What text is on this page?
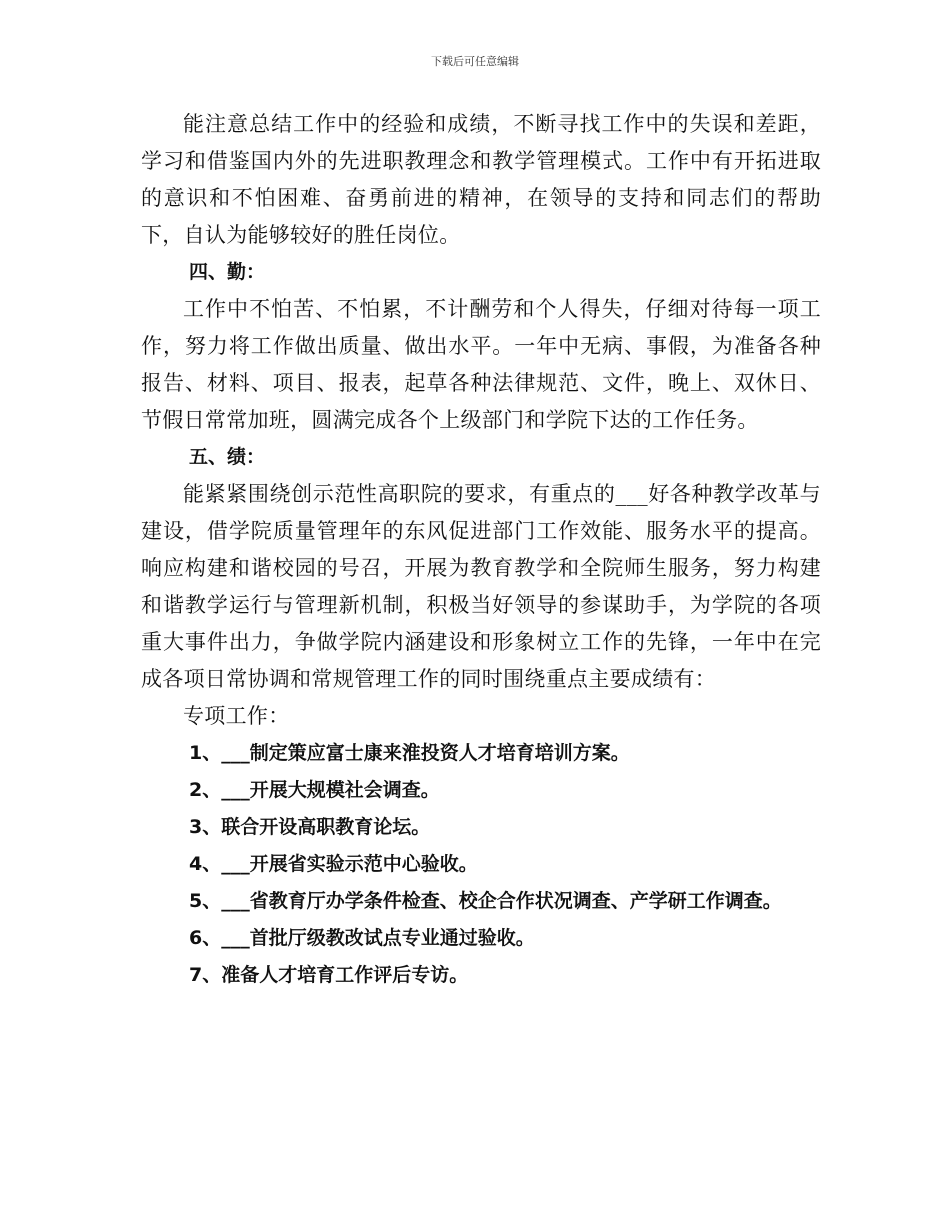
下载后可任意编辑

能注意总结工作中的经验和成绩，不断寻找工作中的失误和差距，学习和借鉴国内外的先进职教理念和教学管理模式。工作中有开拓进取的意识和不怕困难、奋勇前进的精神，在领导的支持和同志们的帮助下，自认为能够较好的胜任岗位。

四、勤：

工作中不怕苦、不怕累，不计酬劳和个人得失，仔细对待每一项工作，努力将工作做出质量、做出水平。一年中无病、事假，为准备各种报告、材料、项目、报表，起草各种法律规范、文件，晚上、双休日、节假日常常加班，圆满完成各个上级部门和学院下达的工作任务。

五、绩：

能紧紧围绕创示范性高职院的要求，有重点的___好各种教学改革与建设，借学院质量管理年的东风促进部门工作效能、服务水平的提高。响应构建和谐校园的号召，开展为教育教学和全院师生服务，努力构建和谐教学运行与管理新机制，积极当好领导的参谋助手，为学院的各项重大事件出力，争做学院内涵建设和形象树立工作的先锋，一年中在完成各项日常协调和常规管理工作的同时围绕重点主要成绩有：

专项工作：

1、___制定策应富士康来淮投资人才培育培训方案。

2、___开展大规模社会调查。

3、联合开设高职教育论坛。

4、___开展省实验示范中心验收。

5、___省教育厅办学条件检查、校企合作状况调查、产学研工作调查。

6、___首批厅级教改试点专业通过验收。

7、准备人才培育工作评后专访。
